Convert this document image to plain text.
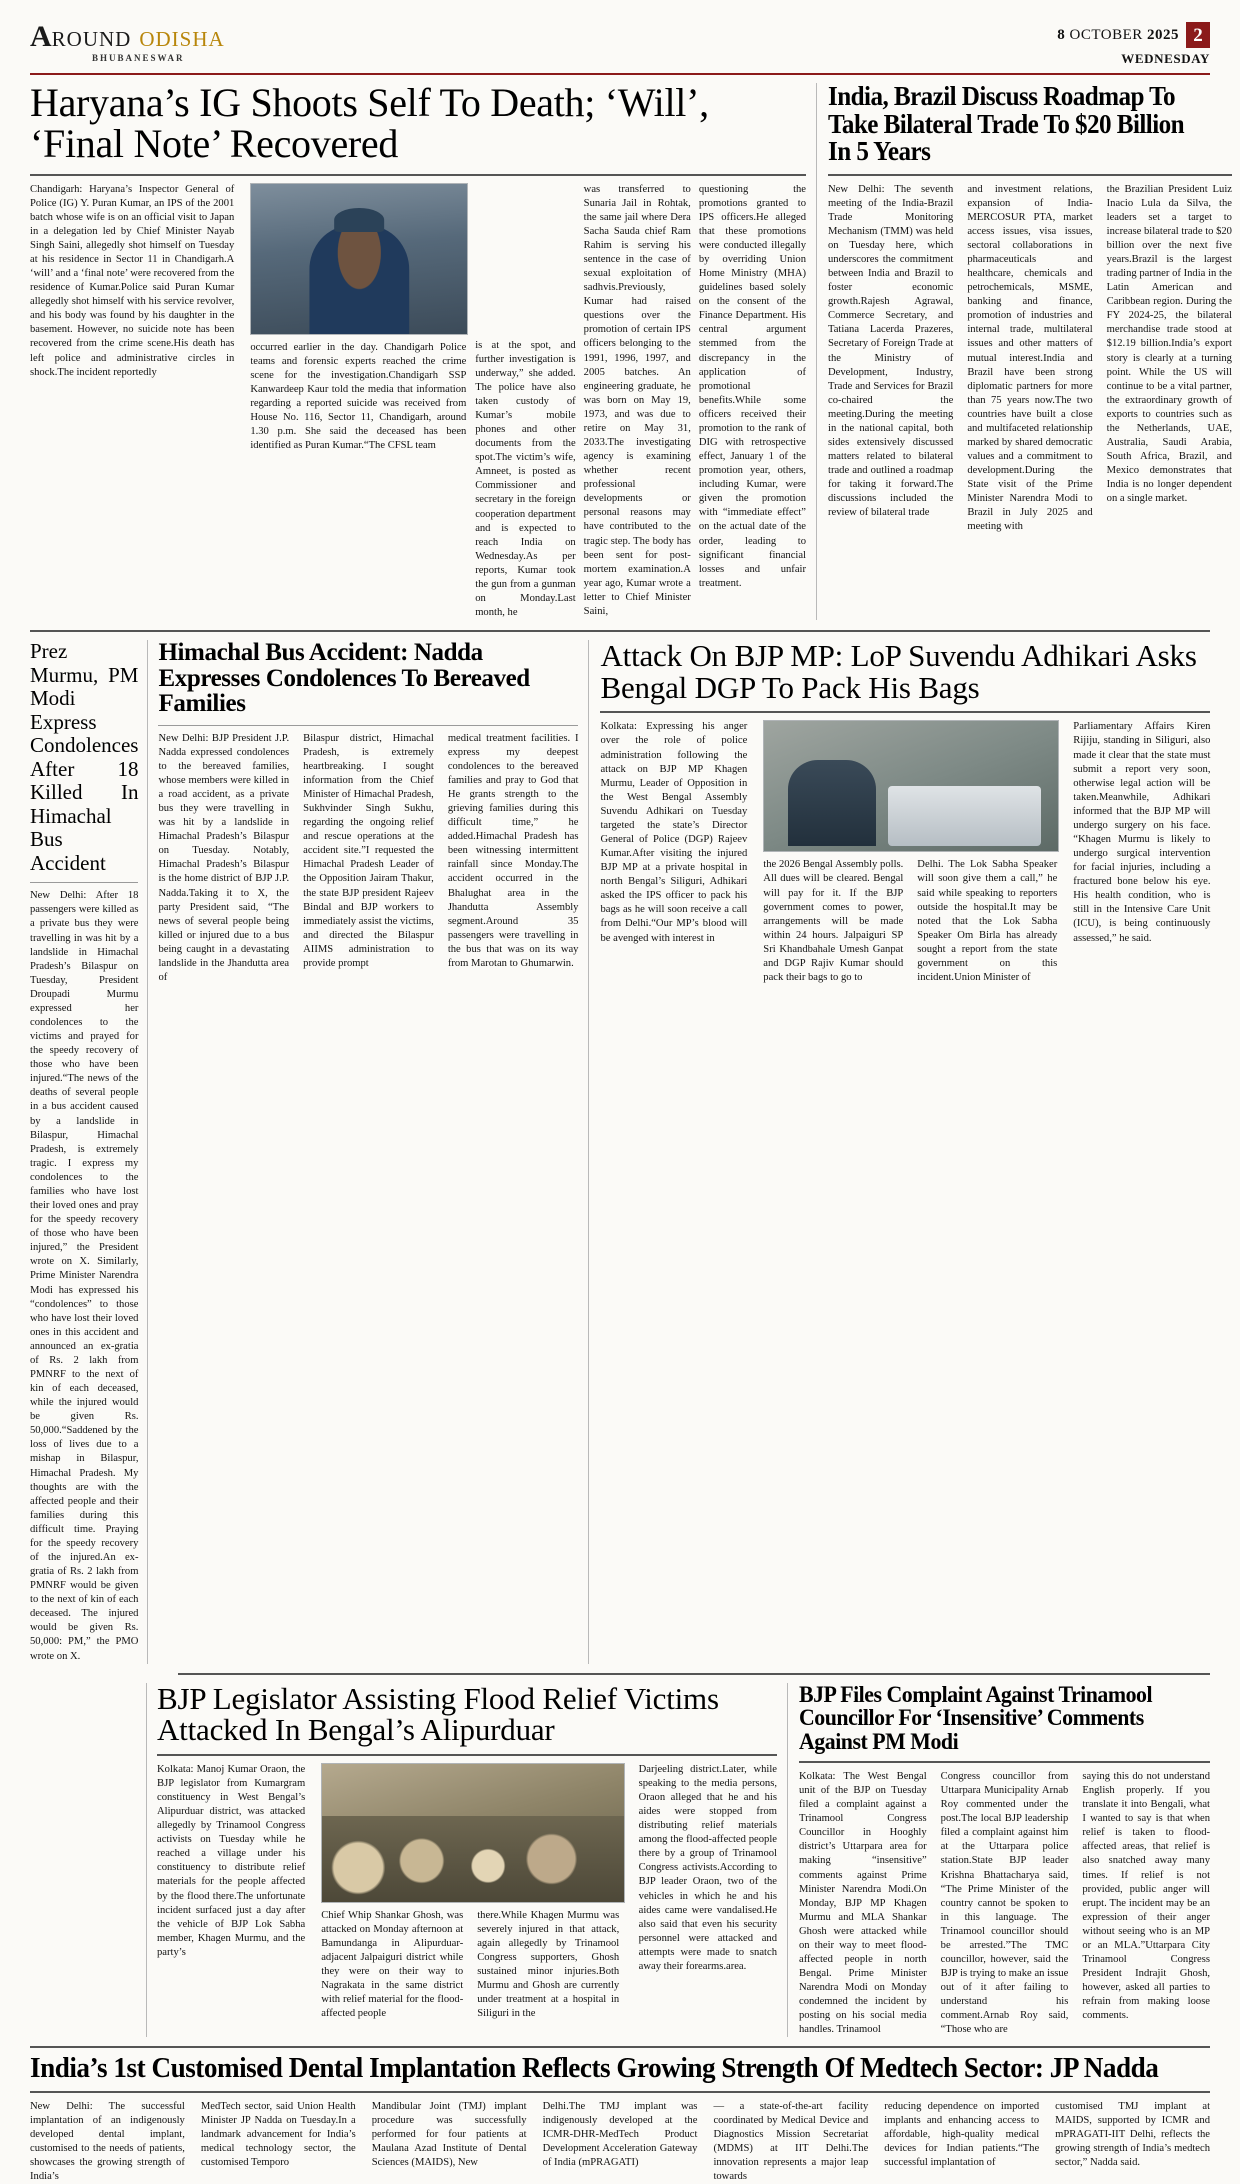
A ROUND ODISHA
BHUBANESWAR
8 OCTOBER 2025 2
WEDNESDAY
Haryana’s IG Shoots Self To Death; ‘Will’, ‘Final Note’ Recovered
Chandigarh: Haryana’s Inspector General of Police (IG) Y. Puran Kumar, an IPS of the 2001 batch whose wife is on an official visit to Japan in a delegation led by Chief Minister Nayab Singh Saini, allegedly shot himself on Tuesday at his residence in Sector 11 in Chandigarh.A ‘will’ and a ‘final note’ were recovered from the residence of Kumar.Police said Puran Kumar allegedly shot himself with his service revolver, and his body was found by his daughter in the basement. However, no suicide note has been recovered from the crime scene.His death has left police and administrative circles in shock.The incident reportedly
occurred earlier in the day. Chandigarh Police teams and forensic experts reached the crime scene for the investigation.Chandigarh SSP Kanwardeep Kaur told the media that information regarding a reported suicide was received from House No. 116, Sector 11, Chandigarh, around 1.30 p.m. She said the deceased has been identified as Puran Kumar.“The CFSL team
is at the spot, and further investigation is underway,” she added. The police have also taken custody of Kumar’s mobile phones and other documents from the spot.The victim’s wife, Amneet, is posted as Commissioner and secretary in the foreign cooperation department and is expected to reach India on Wednesday.As per reports, Kumar took the gun from a gunman on Monday.Last month, he
was transferred to Sunaria Jail in Rohtak, the same jail where Dera Sacha Sauda chief Ram Rahim is serving his sentence in the case of sexual exploitation of sadhvis.Previously, Kumar had raised questions over the promotion of certain IPS officers belonging to the 1991, 1996, 1997, and 2005 batches. An engineering graduate, he was born on May 19, 1973, and was due to retire on May 31, 2033.The investigating agency is examining whether recent professional developments or personal reasons may have contributed to the tragic step. The body has been sent for post-mortem examination.A year ago, Kumar wrote a letter to Chief Minister Saini,
questioning the promotions granted to IPS officers.He alleged that these promotions were conducted illegally by overriding Union Home Ministry (MHA) guidelines based solely on the consent of the Finance Department. His central argument stemmed from the discrepancy in the application of promotional benefits.While some officers received their promotion to the rank of DIG with retrospective effect, January 1 of the promotion year, others, including Kumar, were given the promotion with “immediate effect” on the actual date of the order, leading to significant financial losses and unfair treatment.
India, Brazil Discuss Roadmap To Take Bilateral Trade To $20 Billion In 5 Years
New Delhi: The seventh meeting of the India-Brazil Trade Monitoring Mechanism (TMM) was held on Tuesday here, which underscores the commitment between India and Brazil to foster economic growth.Rajesh Agrawal, Commerce Secretary, and Tatiana Lacerda Prazeres, Secretary of Foreign Trade at the Ministry of Development, Industry, Trade and Services for Brazil co-chaired the meeting.During the meeting in the national capital, both sides extensively discussed matters related to bilateral trade and outlined a roadmap for taking it forward.The discussions included the review of bilateral trade
and investment relations, expansion of India-MERCOSUR PTA, market access issues, visa issues, sectoral collaborations in pharmaceuticals and healthcare, chemicals and petrochemicals, MSME, banking and finance, promotion of industries and internal trade, multilateral issues and other matters of mutual interest.India and Brazil have been strong diplomatic partners for more than 75 years now.The two countries have built a close and multifaceted relationship marked by shared democratic values and a commitment to development.During the State visit of the Prime Minister Narendra Modi to Brazil in July 2025 and meeting with
the Brazilian President Luiz Inacio Lula da Silva, the leaders set a target to increase bilateral trade to $20 billion over the next five years.Brazil is the largest trading partner of India in the Latin American and Caribbean region. During the FY 2024-25, the bilateral merchandise trade stood at $12.19 billion.India’s export story is clearly at a turning point. While the US will continue to be a vital partner, the extraordinary growth of exports to countries such as the Netherlands, UAE, Australia, Saudi Arabia, South Africa, Brazil, and Mexico demonstrates that India is no longer dependent on a single market.
Prez Murmu, PM Modi Express Condolences After 18 Killed In Himachal Bus Accident
New Delhi: After 18 passengers were killed as a private bus they were travelling in was hit by a landslide in Himachal Pradesh’s Bilaspur on Tuesday, President Droupadi Murmu expressed her condolences to the victims and prayed for the speedy recovery of those who have been injured.“The news of the deaths of several people in a bus accident caused by a landslide in Bilaspur, Himachal Pradesh, is extremely tragic. I express my condolences to the families who have lost their loved ones and pray for the speedy recovery of those who have been injured,” the President wrote on X. Similarly, Prime Minister Narendra Modi has expressed his “condolences” to those who have lost their loved ones in this accident and announced an ex-gratia of Rs. 2 lakh from PMNRF to the next of kin of each deceased, while the injured would be given Rs. 50,000.“Saddened by the loss of lives due to a mishap in Bilaspur, Himachal Pradesh. My thoughts are with the affected people and their families during this difficult time. Praying for the speedy recovery of the injured.An ex-gratia of Rs. 2 lakh from PMNRF would be given to the next of kin of each deceased. The injured would be given Rs. 50,000: PM,” the PMO wrote on X.
Himachal Bus Accident: Nadda Expresses Condolences To Bereaved Families
New Delhi: BJP President J.P. Nadda expressed condolences to the bereaved families, whose members were killed in a road accident, as a private bus they were travelling in was hit by a landslide in Himachal Pradesh’s Bilaspur on Tuesday. Notably, Himachal Pradesh’s Bilaspur is the home district of BJP J.P. Nadda.Taking it to X, the party President said, “The news of several people being killed or injured due to a bus being caught in a devastating landslide in the Jhandutta area of
Bilaspur district, Himachal Pradesh, is extremely heartbreaking. I sought information from the Chief Minister of Himachal Pradesh, Sukhvinder Singh Sukhu, regarding the ongoing relief and rescue operations at the accident site.”I requested the Himachal Pradesh Leader of the Opposition Jairam Thakur, the state BJP president Rajeev Bindal and BJP workers to immediately assist the victims, and directed the Bilaspur AIIMS administration to provide prompt
medical treatment facilities. I express my deepest condolences to the bereaved families and pray to God that He grants strength to the grieving families during this difficult time,” he added.Himachal Pradesh has been witnessing intermittent rainfall since Monday.The accident occurred in the Bhalughat area in the Jhandutta Assembly segment.Around 35 passengers were travelling in the bus that was on its way from Marotan to Ghumarwin.
Attack On BJP MP: LoP Suvendu Adhikari Asks Bengal DGP To Pack His Bags
Kolkata: Expressing his anger over the role of police administration following the attack on BJP MP Khagen Murmu, Leader of Opposition in the West Bengal Assembly Suvendu Adhikari on Tuesday targeted the state’s Director General of Police (DGP) Rajeev Kumar.After visiting the injured BJP MP at a private hospital in north Bengal’s Siliguri, Adhikari asked the IPS officer to pack his bags as he will soon receive a call from Delhi.“Our MP’s blood will be avenged with interest in
the 2026 Bengal Assembly polls. All dues will be cleared. Bengal will pay for it. If the BJP government comes to power, arrangements will be made within 24 hours. Jalpaiguri SP Sri Khandbahale Umesh Ganpat and DGP Rajiv Kumar should pack their bags to go to
Delhi. The Lok Sabha Speaker will soon give them a call,” he said while speaking to reporters outside the hospital.It may be noted that the Lok Sabha Speaker Om Birla has already sought a report from the state government on this incident.Union Minister of
Parliamentary Affairs Kiren Rijiju, standing in Siliguri, also made it clear that the state must submit a report very soon, otherwise legal action will be taken.Meanwhile, Adhikari informed that the BJP MP will undergo surgery on his face. “Khagen Murmu is likely to undergo surgical intervention for facial injuries, including a fractured bone below his eye. His health condition, who is still in the Intensive Care Unit (ICU), is being continuously assessed,” he said.
BJP Legislator Assisting Flood Relief Victims Attacked In Bengal’s Alipurduar
Kolkata: Manoj Kumar Oraon, the BJP legislator from Kumargram constituency in West Bengal’s Alipurduar district, was attacked allegedly by Trinamool Congress activists on Tuesday while he reached a village under his constituency to distribute relief materials for the people affected by the flood there.The unfortunate incident surfaced just a day after the vehicle of BJP Lok Sabha member, Khagen Murmu, and the party’s
Chief Whip Shankar Ghosh, was attacked on Monday afternoon at Bamundanga in Alipurduar-adjacent Jalpaiguri district while they were on their way to Nagrakata in the same district with relief material for the flood-affected people
there.While Khagen Murmu was severely injured in that attack, again allegedly by Trinamool Congress supporters, Ghosh sustained minor injuries.Both Murmu and Ghosh are currently under treatment at a hospital in Siliguri in the
Darjeeling district.Later, while speaking to the media persons, Oraon alleged that he and his aides were stopped from distributing relief materials among the flood-affected people there by a group of Trinamool Congress activists.According to BJP leader Oraon, two of the vehicles in which he and his aides came were vandalised.He also said that even his security personnel were attacked and attempts were made to snatch away their forearms.area.
BJP Files Complaint Against Trinamool Councillor For ‘Insensitive’ Comments Against PM Modi
Kolkata: The West Bengal unit of the BJP on Tuesday filed a complaint against a Trinamool Congress Councillor in Hooghly district’s Uttarpara area for making “insensitive” comments against Prime Minister Narendra Modi.On Monday, BJP MP Khagen Murmu and MLA Shankar Ghosh were attacked while on their way to meet flood-affected people in north Bengal. Prime Minister Narendra Modi on Monday condemned the incident by posting on his social media handles. Trinamool
Congress councillor from Uttarpara Municipality Arnab Roy commented under the post.The local BJP leadership filed a complaint against him at the Uttarpara police station.State BJP leader Krishna Bhattacharya said, “The Prime Minister of the country cannot be spoken to in this language. The Trinamool councillor should be arrested.”The TMC councillor, however, said the BJP is trying to make an issue out of it after failing to understand his comment.Arnab Roy said, “Those who are
saying this do not understand English properly. If you translate it into Bengali, what I wanted to say is that when relief is taken to flood-affected areas, that relief is also snatched away many times. If relief is not provided, public anger will erupt. The incident may be an expression of their anger without seeing who is an MP or an MLA.”Uttarpara City Trinamool Congress President Indrajit Ghosh, however, asked all parties to refrain from making loose comments.
India’s 1st Customised Dental Implantation Reflects Growing Strength Of Medtech Sector: JP Nadda
New Delhi: The successful implantation of an indigenously developed dental implant, customised to the needs of patients, showcases the growing strength of India’s
MedTech sector, said Union Health Minister JP Nadda on Tuesday.In a landmark advancement for India’s medical technology sector, the customised Temporo
Mandibular Joint (TMJ) implant procedure was successfully performed for four patients at Maulana Azad Institute of Dental Sciences (MAIDS), New
Delhi.The TMJ implant was indigenously developed at the ICMR-DHR-MedTech Product Development Acceleration Gateway of India (mPRAGATI)
— a state-of-the-art facility coordinated by Medical Device and Diagnostics Mission Secretariat (MDMS) at IIT Delhi.The innovation represents a major leap towards
reducing dependence on imported implants and enhancing access to affordable, high-quality medical devices for Indian patients.“The successful implantation of
customised TMJ implant at MAIDS, supported by ICMR and mPRAGATI-IIT Delhi, reflects the growing strength of India’s medtech sector,” Nadda said.
